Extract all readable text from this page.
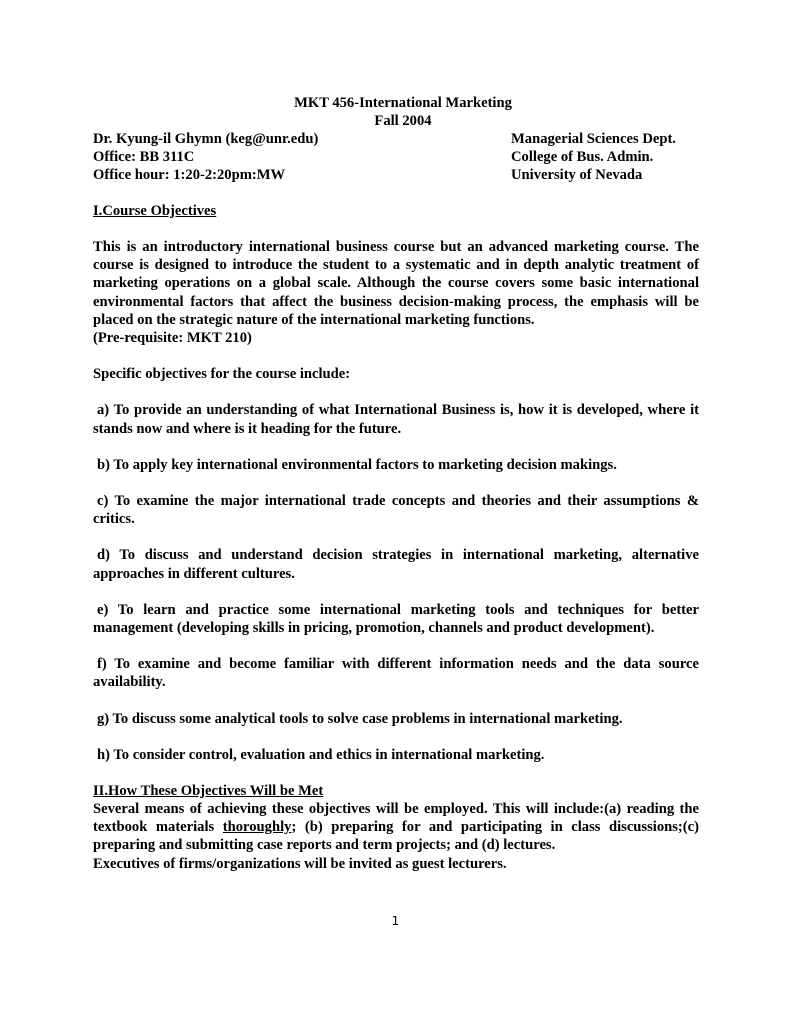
MKT 456-International Marketing
Fall 2004
Dr. Kyung-il Ghymn (keg@unr.edu)
Office: BB 311C
Office hour: 1:20-2:20pm:MW
Managerial Sciences Dept.
College of Bus. Admin.
University of Nevada
I.Course Objectives

This is an introductory international business course but an advanced marketing course. The course is designed to introduce the student to a systematic and in depth analytic treatment of marketing operations on a global scale. Although the course covers some basic international environmental factors that affect the business decision-making process, the emphasis will be placed on the strategic nature of the international marketing functions.

(Pre-requisite: MKT 210)

Specific objectives for the course include:

a) To provide an understanding of what International Business is, how it is developed, where it stands now and where is it heading for the future.

b) To apply key international environmental factors to marketing decision makings.

c) To examine the major international trade concepts and theories and their assumptions & critics.

d) To discuss and understand decision strategies in international marketing, alternative approaches in different cultures.

e) To learn and practice some international marketing tools and techniques for better management (developing skills in pricing, promotion, channels and product development).

f) To examine and become familiar with different information needs and the data source availability.

g) To discuss some analytical tools to solve case problems in international marketing.

h) To consider control, evaluation and ethics in international marketing.

II.How These Objectives Will be Met

Several means of achieving these objectives will be employed. This will include:(a) reading the textbook materials thoroughly; (b) preparing for and participating in class discussions;(c) preparing and submitting case reports and term projects; and (d) lectures.

Executives of firms/organizations will be invited as guest lecturers.

1
